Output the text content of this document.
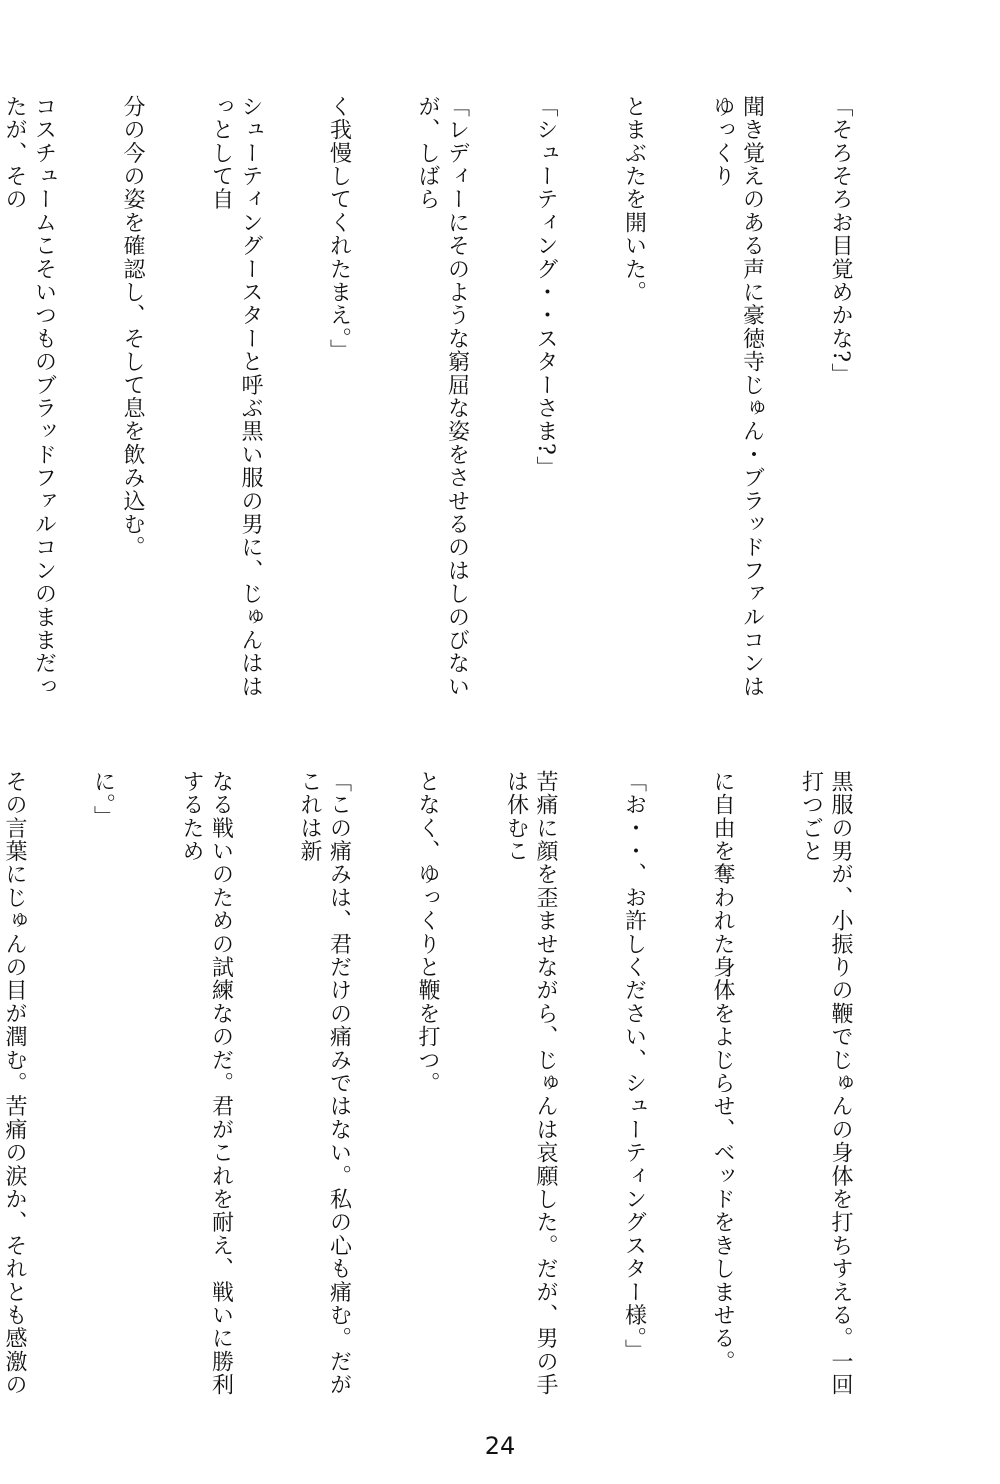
「そろそろお目覚めかな?」

聞き覚えのある声に豪徳寺じゅん・ブラッドファルコンはゆっくり

とまぶたを開いた。

「シューティング・・スターさま?」

「レディーにそのような窮屈な姿をさせるのはしのびないが、しばら

く我慢してくれたまえ。」

シューティングースターと呼ぶ黒い服の男に、じゅんははっとして自

分の今の姿を確認し、そして息を飲み込む。

コスチュームこそいつものブラッドファルコンのままだったが、その

黒服の男が、小振りの鞭でじゅんの身体を打ちすえる。一回打つごと

に自由を奪われた身体をよじらせ、ベッドをきしませる。

「お・・、お許しください、シューティングスター様。」

苦痛に顔を歪ませながら、じゅんは哀願した。だが、男の手は休むこ

となく、ゆっくりと鞭を打つ。

「この痛みは、君だけの痛みではない。私の心も痛む。だがこれは新

なる戦いのための試練なのだ。君がこれを耐え、戦いに勝利するため

に。」

その言葉にじゅんの目が潤む。苦痛の涙か、それとも感激の

24
